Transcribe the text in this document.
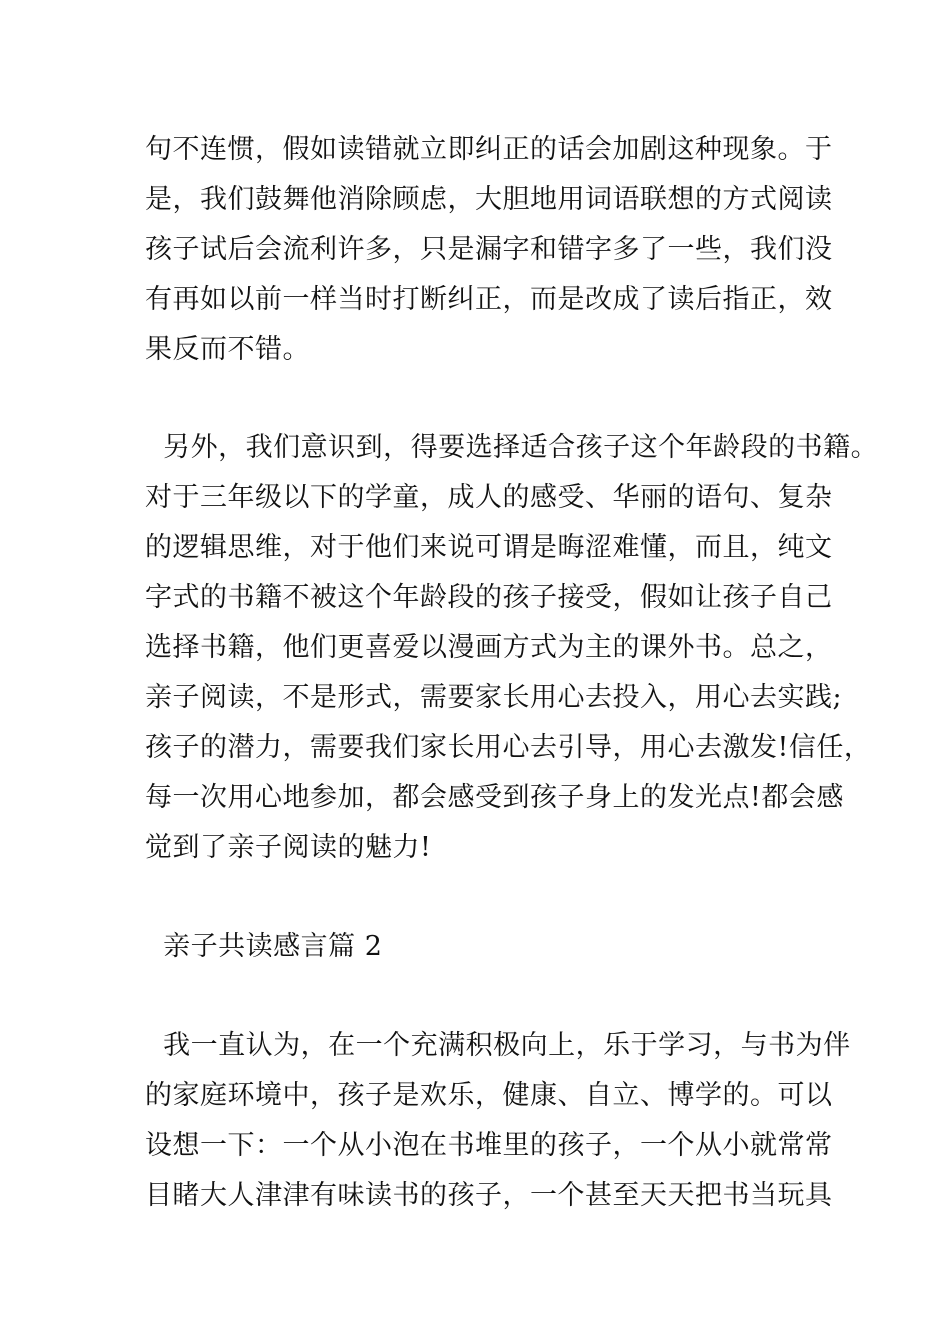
句不连惯，假如读错就立即纠正的话会加剧这种现象。于
是，我们鼓舞他消除顾虑，大胆地用词语联想的方式阅读
孩子试后会流利许多，只是漏字和错字多了一些，我们没
有再如以前一样当时打断纠正，而是改成了读后指正，效
果反而不错。
另外，我们意识到，得要选择适合孩子这个年龄段的书籍。
对于三年级以下的学童，成人的感受、华丽的语句、复杂
的逻辑思维，对于他们来说可谓是晦涩难懂，而且，纯文
字式的书籍不被这个年龄段的孩子接受，假如让孩子自己
选择书籍，他们更喜爱以漫画方式为主的课外书。总之，
亲子阅读，不是形式，需要家长用心去投入，用心去实践;
孩子的潜力，需要我们家长用心去引导，用心去激发!信任，
每一次用心地参加，都会感受到孩子身上的发光点!都会感
觉到了亲子阅读的魅力!
亲子共读感言篇 2
我一直认为，在一个充满积极向上，乐于学习，与书为伴
的家庭环境中，孩子是欢乐，健康、自立、博学的。可以
设想一下：一个从小泡在书堆里的孩子，一个从小就常常
目睹大人津津有味读书的孩子，一个甚至天天把书当玩具
